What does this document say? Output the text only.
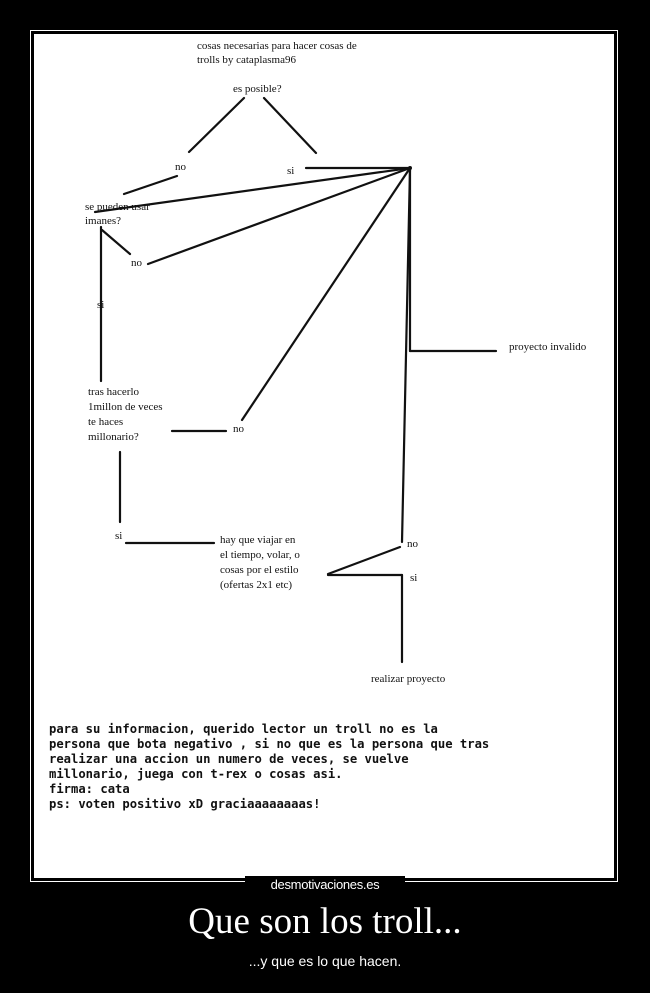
cosas necesarias para hacer cosas de
trolls by cataplasma96
es posible?
no	si
se pueden usar
imanes?
no
si
proyecto invalido
tras hacerlo
1millon de veces
te haces
millonario?
no
si	hay que viajar en
el tiempo, volar, o
cosas por el estilo
(ofertas 2x1 etc)
no
si
realizar proyecto
para su informacion, querido lector un troll no es la
persona que bota negativo , si no que es la persona que tras
realizar una accion un numero de veces, se vuelve
millonario, juega con t-rex o cosas asi.
firma: cata
ps: voten positivo xD graciaaaaaaaas!
desmotivaciones.es
Que son los troll...
...y que es lo que hacen.
